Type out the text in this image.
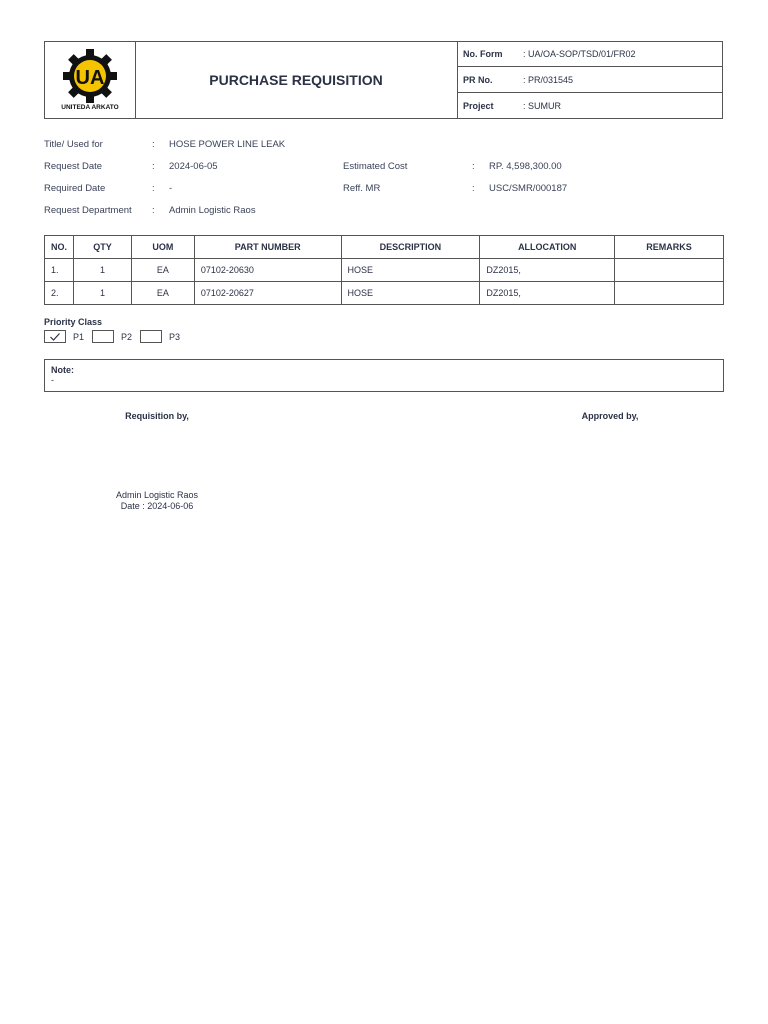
UA
UNITEDA ARKATO
PURCHASE REQUISITION
No. Form	: UA/OA-SOP/TSD/01/FR02
PR No.	: PR/031545
Project	: SUMUR
Title/ Used for	: HOSE POWER LINE LEAK
Request Date	: 2024-06-05
Required Date	: -
Request Department : Admin Logistic Raos
Estimated Cost	: RP. 4,598,300.00
Reff. MR	: USC/SMR/000187
NO.	QTY	UOM	PART NUMBER	DESCRIPTION	ALLOCATION	REMARKS
1.	1	EA	07102-20630	HOSE	DZ2015,	
2.	1	EA	07102-20627	HOSE	DZ2015,	
Priority Class
P1	P2	P3
Note:
-
Requisition by,	Approved by,
Admin Logistic Raos
Date : 2024-06-06
